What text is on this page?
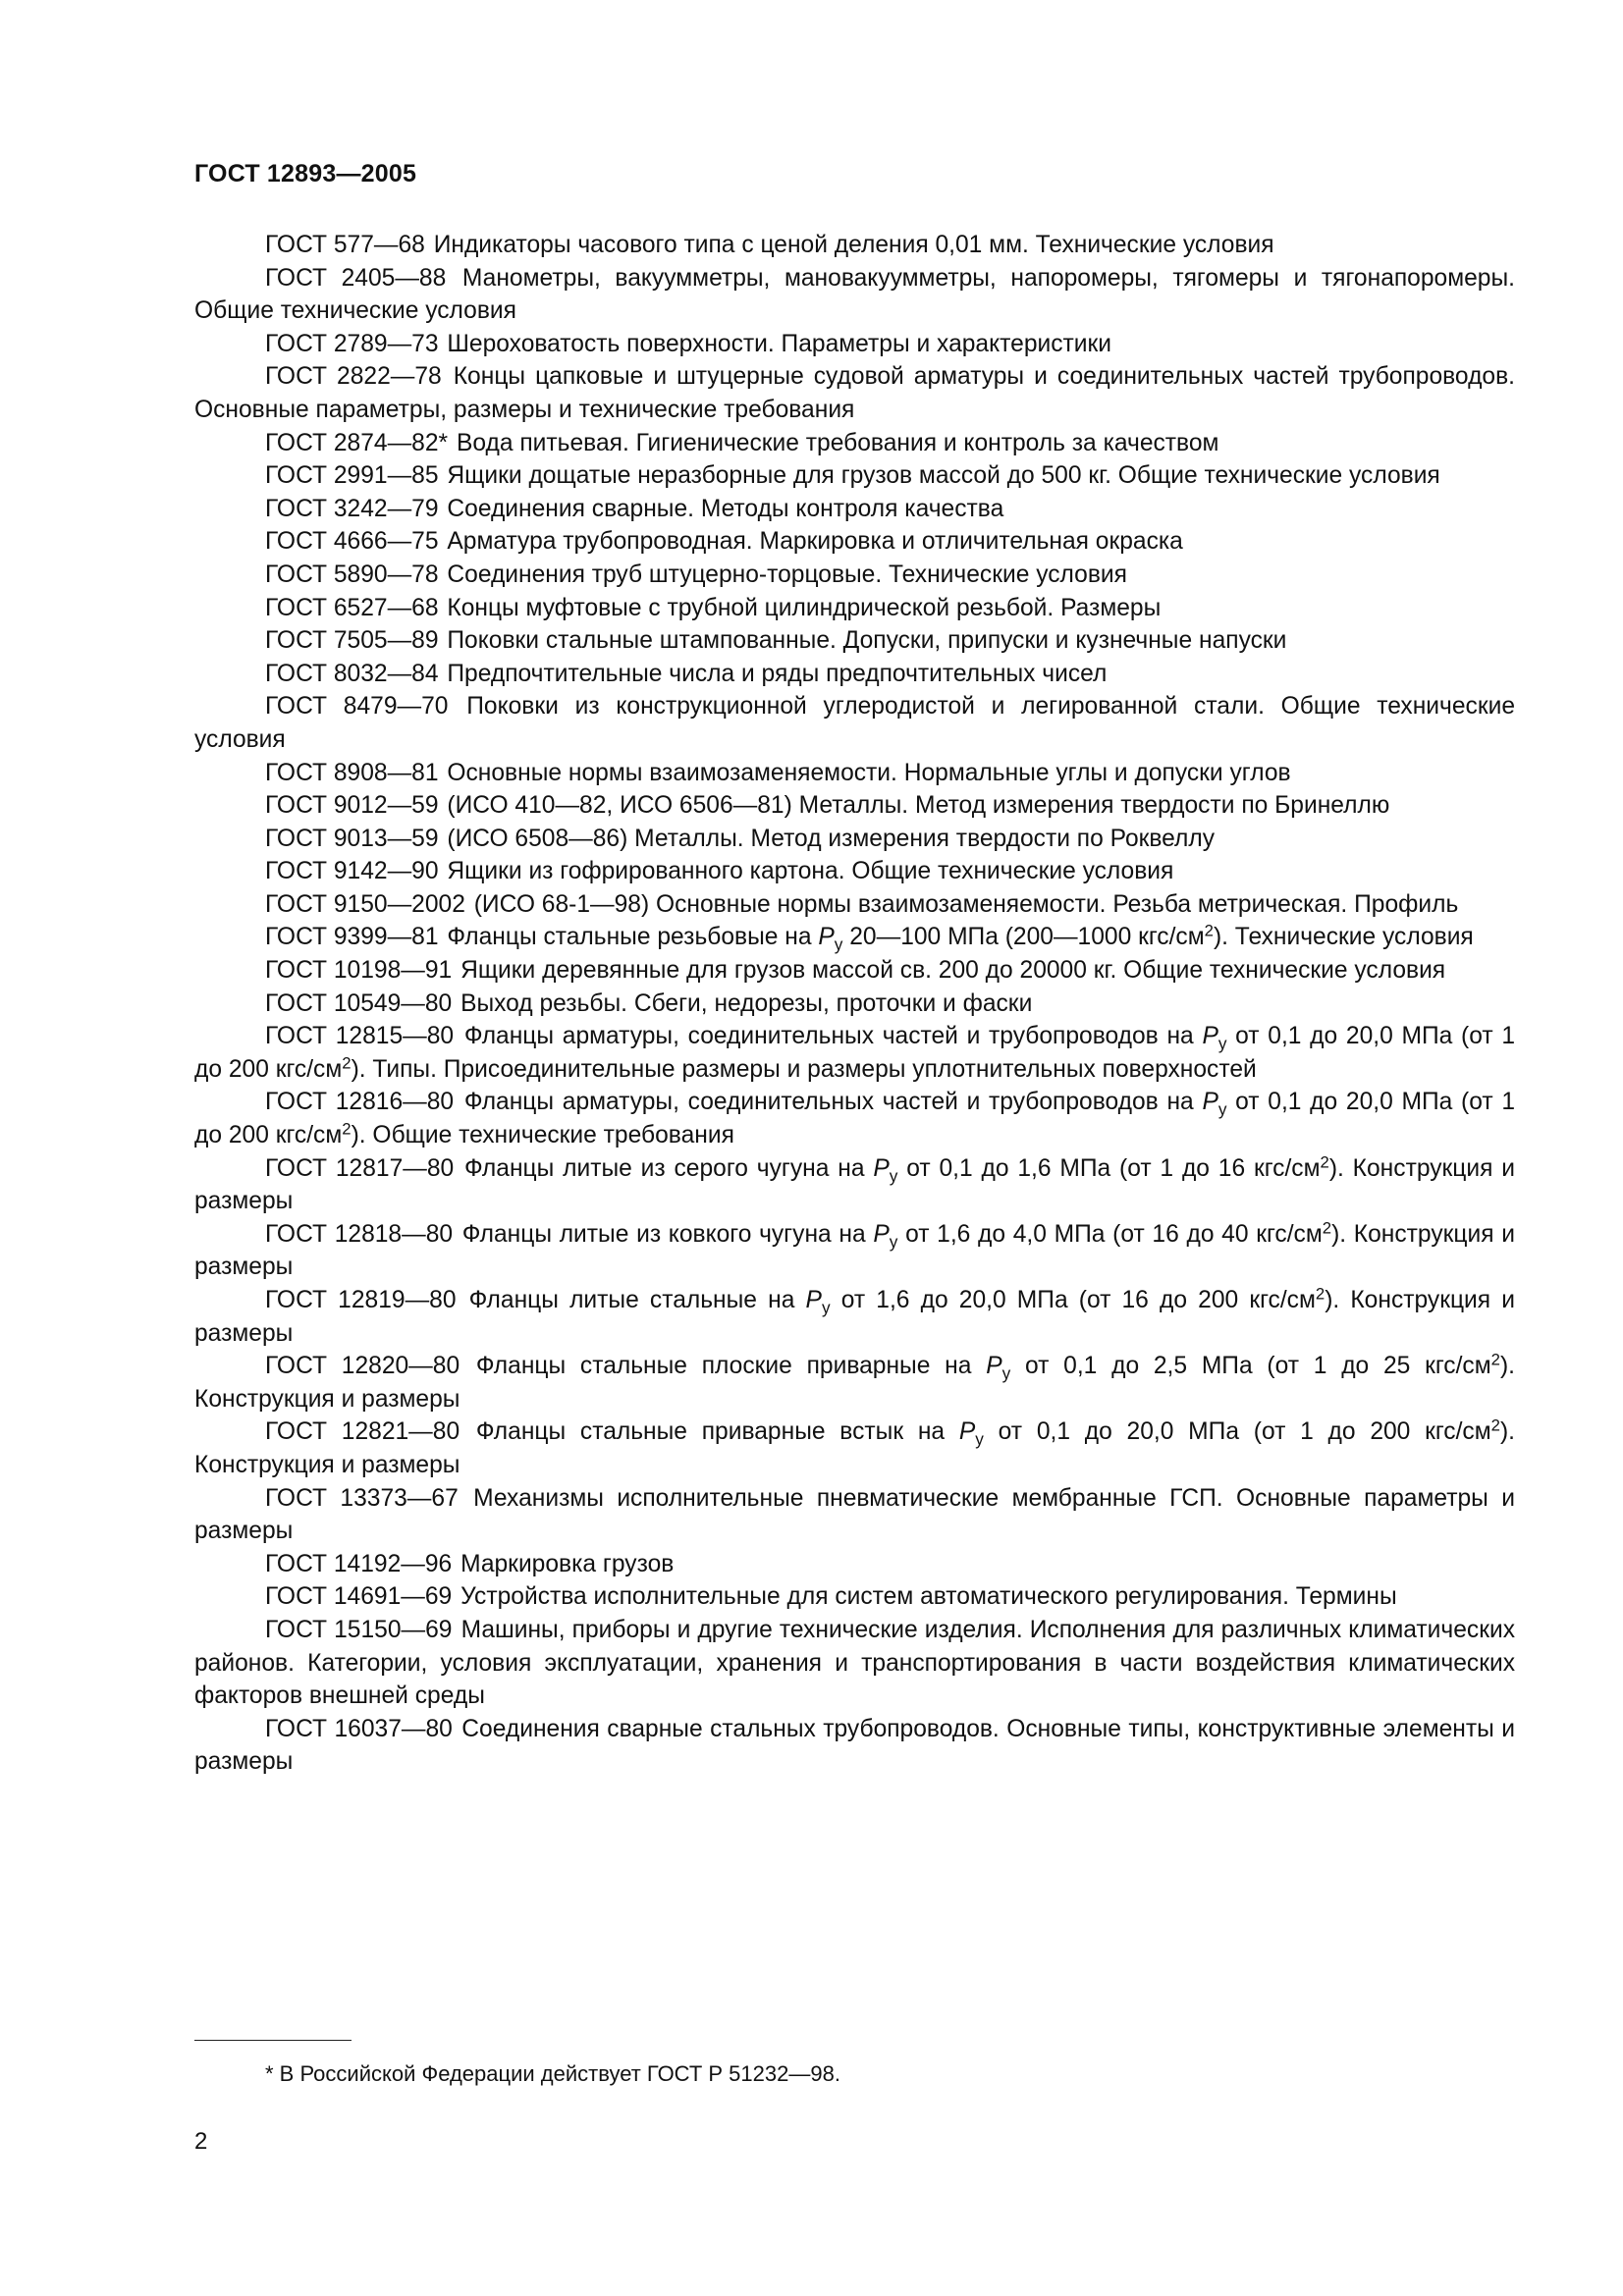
ГОСТ 12893—2005

ГОСТ 577—68 Индикаторы часового типа с ценой деления 0,01 мм. Технические условия

ГОСТ 2405—88 Манометры, вакуумметры, мановакуумметры, напоромеры, тягомеры и тягонапоромеры. Общие технические условия

ГОСТ 2789—73 Шероховатость поверхности. Параметры и характеристики

ГОСТ 2822—78 Концы цапковые и штуцерные судовой арматуры и соединительных частей трубопроводов. Основные параметры, размеры и технические требования

ГОСТ 2874—82* Вода питьевая. Гигиенические требования и контроль за качеством

ГОСТ 2991—85 Ящики дощатые неразборные для грузов массой до 500 кг. Общие технические условия

ГОСТ 3242—79 Соединения сварные. Методы контроля качества

ГОСТ 4666—75 Арматура трубопроводная. Маркировка и отличительная окраска

ГОСТ 5890—78 Соединения труб штуцерно-торцовые. Технические условия

ГОСТ 6527—68 Концы муфтовые с трубной цилиндрической резьбой. Размеры

ГОСТ 7505—89 Поковки стальные штампованные. Допуски, припуски и кузнечные напуски

ГОСТ 8032—84 Предпочтительные числа и ряды предпочтительных чисел

ГОСТ 8479—70 Поковки из конструкционной углеродистой и легированной стали. Общие технические условия

ГОСТ 8908—81 Основные нормы взаимозаменяемости. Нормальные углы и допуски углов

ГОСТ 9012—59 (ИСО 410—82, ИСО 6506—81) Металлы. Метод измерения твердости по Бринеллю

ГОСТ 9013—59 (ИСО 6508—86) Металлы. Метод измерения твердости по Роквеллу

ГОСТ 9142—90 Ящики из гофрированного картона. Общие технические условия

ГОСТ 9150—2002 (ИСО 68-1—98) Основные нормы взаимозаменяемости. Резьба метрическая. Профиль

ГОСТ 9399—81 Фланцы стальные резьбовые на $P_у$ 20—100 МПа (200—1000 кгс/см$^2$). Технические условия

ГОСТ 10198—91 Ящики деревянные для грузов массой св. 200 до 20000 кг. Общие технические условия

ГОСТ 10549—80 Выход резьбы. Сбеги, недорезы, проточки и фаски

ГОСТ 12815—80 Фланцы арматуры, соединительных частей и трубопроводов на $P_у$ от 0,1 до 20,0 МПа (от 1 до 200 кгс/см$^2$). Типы. Присоединительные размеры и размеры уплотнительных поверхностей

ГОСТ 12816—80 Фланцы арматуры, соединительных частей и трубопроводов на $P_у$ от 0,1 до 20,0 МПа (от 1 до 200 кгс/см$^2$). Общие технические требования

ГОСТ 12817—80 Фланцы литые из серого чугуна на $P_у$ от 0,1 до 1,6 МПа (от 1 до 16 кгс/см$^2$). Конструкция и размеры

ГОСТ 12818—80 Фланцы литые из ковкого чугуна на $P_у$ от 1,6 до 4,0 МПа (от 16 до 40 кгс/см$^2$). Конструкция и размеры

ГОСТ 12819—80 Фланцы литые стальные на $P_у$ от 1,6 до 20,0 МПа (от 16 до 200 кгс/см$^2$). Конструкция и размеры

ГОСТ 12820—80 Фланцы стальные плоские приварные на $P_у$ от 0,1 до 2,5 МПа (от 1 до 25 кгс/см$^2$). Конструкция и размеры

ГОСТ 12821—80 Фланцы стальные приварные встык на $P_у$ от 0,1 до 20,0 МПа (от 1 до 200 кгс/см$^2$). Конструкция и размеры

ГОСТ 13373—67 Механизмы исполнительные пневматические мембранные ГСП. Основные параметры и размеры

ГОСТ 14192—96 Маркировка грузов

ГОСТ 14691—69 Устройства исполнительные для систем автоматического регулирования. Термины

ГОСТ 15150—69 Машины, приборы и другие технические изделия. Исполнения для различных климатических районов. Категории, условия эксплуатации, хранения и транспортирования в части воздействия климатических факторов внешней среды

ГОСТ 16037—80 Соединения сварные стальных трубопроводов. Основные типы, конструктивные элементы и размеры

* В Российской Федерации действует ГОСТ Р 51232—98.
2
